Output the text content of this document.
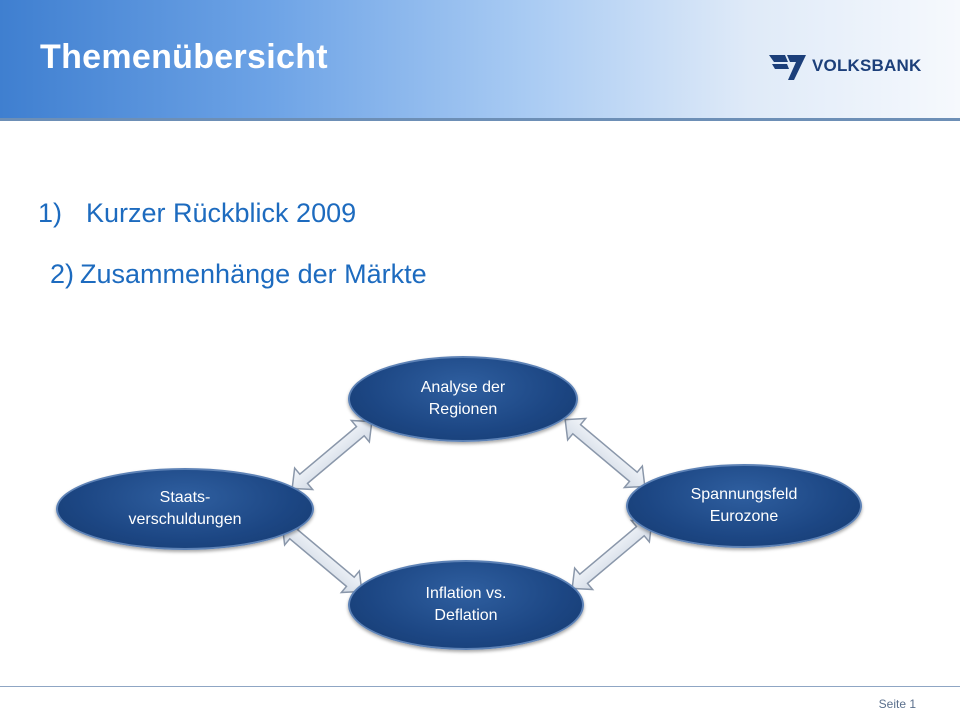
Themenübersicht	VOLKSBANK

1) Kurzer Rückblick 2009

2) Zusammenhänge der Märkte

Analyse der
Regionen
Staats-
verschuldungen
Spannungsfeld
Eurozone
Inflation vs.
Deflation
Seite 1
